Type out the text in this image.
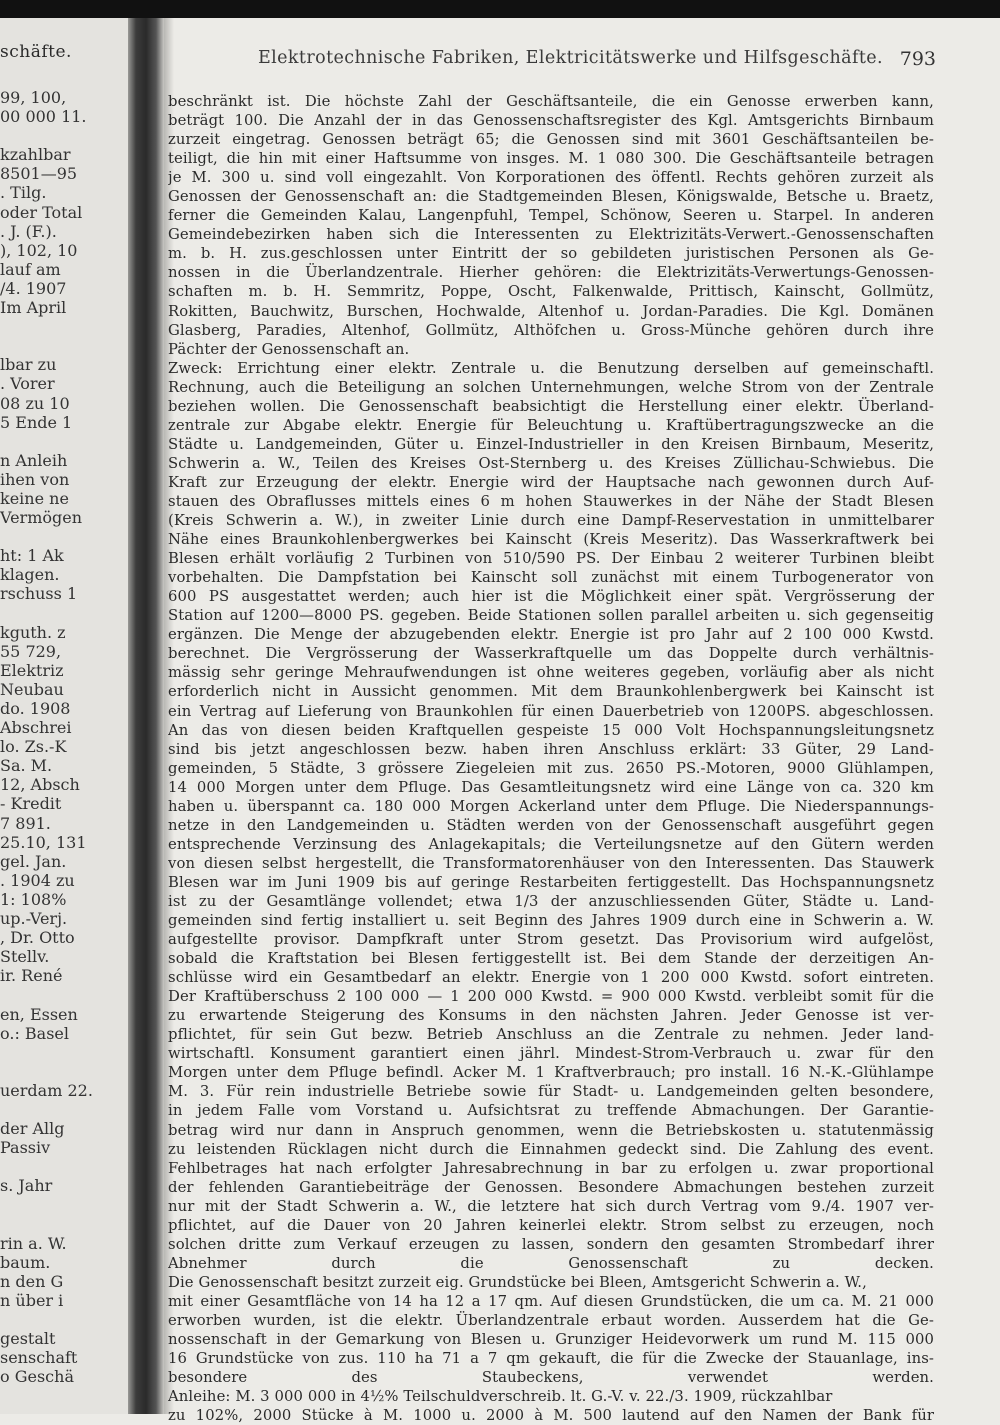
schäfte.
99, 100,
00 000 11.
kzahlbar
8501—95
. Tilg.
oder Total
. J. (F.).
), 102, 10
lauf am
/4. 1907
Im April
lbar zu
. Vorer
08 zu 10
5 Ende 1
n Anleih
ihen von
keine ne
Vermögen
ht: 1 Ak
klagen.
rschuss 1
kguth. z
55 729,
Elektriz
Neubau
do. 1908
Abschrei
lo. Zs.-K
Sa. M.
12, Absch
- Kredit
7 891.
25.10, 131
gel. Jan.
. 1904 zu
1: 108%
up.-Verj.
, Dr. Otto
Stellv.
ir. René
en, Essen
o.: Basel
uerdam 22.
der Allg
Passiv
s. Jahr
rin a. W.
baum.
n den G
n über i
gestalt
senschaft
o Geschä
Elektrotechnische Fabriken, Elektricitätswerke und Hilfsgeschäfte. 793
beschränkt ist. Die höchste Zahl der Geschäftsanteile, die ein Genosse erwerben kann,
beträgt 100. Die Anzahl der in das Genossenschaftsregister des Kgl. Amtsgerichts Birnbaum
zurzeit eingetrag. Genossen beträgt 65; die Genossen sind mit 3601 Geschäftsanteilen be-
teiligt, die hin mit einer Haftsumme von insges. M. 1 080 300. Die Geschäftsanteile betragen
je M. 300 u. sind voll eingezahlt. Von Korporationen des öffentl. Rechts gehören zurzeit als
Genossen der Genossenschaft an: die Stadtgemeinden Blesen, Königswalde, Betsche u. Braetz,
ferner die Gemeinden Kalau, Langenpfuhl, Tempel, Schönow, Seeren u. Starpel. In anderen
Gemeindebezirken haben sich die Interessenten zu Elektrizitäts-Verwert.-Genossenschaften
m. b. H. zus.geschlossen unter Eintritt der so gebildeten juristischen Personen als Ge-
nossen in die Überlandzentrale. Hierher gehören: die Elektrizitäts-Verwertungs-Genossen-
schaften m. b. H. Semmritz, Poppe, Oscht, Falkenwalde, Prittisch, Kainscht, Gollmütz,
Rokitten, Bauchwitz, Burschen, Hochwalde, Altenhof u. Jordan-Paradies. Die Kgl. Domänen
Glasberg, Paradies, Altenhof, Gollmütz, Althöfchen u. Gross-Münche gehören durch ihre
Pächter der Genossenschaft an.
Zweck: Errichtung einer elektr. Zentrale u. die Benutzung derselben auf gemeinschaftl.
Rechnung, auch die Beteiligung an solchen Unternehmungen, welche Strom von der Zentrale
beziehen wollen. Die Genossenschaft beabsichtigt die Herstellung einer elektr. Überland-
zentrale zur Abgabe elektr. Energie für Beleuchtung u. Kraftübertragungszwecke an die
Städte u. Landgemeinden, Güter u. Einzel-Industrieller in den Kreisen Birnbaum, Meseritz,
Schwerin a. W., Teilen des Kreises Ost-Sternberg u. des Kreises Züllichau-Schwiebus. Die
Kraft zur Erzeugung der elektr. Energie wird der Hauptsache nach gewonnen durch Auf-
stauen des Obraflusses mittels eines 6 m hohen Stauwerkes in der Nähe der Stadt Blesen
(Kreis Schwerin a. W.), in zweiter Linie durch eine Dampf-Reservestation in unmittelbarer
Nähe eines Braunkohlenbergwerkes bei Kainscht (Kreis Meseritz). Das Wasserkraftwerk bei
Blesen erhält vorläufig 2 Turbinen von 510/590 PS. Der Einbau 2 weiterer Turbinen bleibt
vorbehalten. Die Dampfstation bei Kainscht soll zunächst mit einem Turbogenerator von
600 PS ausgestattet werden; auch hier ist die Möglichkeit einer spät. Vergrösserung der
Station auf 1200—8000 PS. gegeben. Beide Stationen sollen parallel arbeiten u. sich gegenseitig
ergänzen. Die Menge der abzugebenden elektr. Energie ist pro Jahr auf 2 100 000 Kwstd.
berechnet. Die Vergrösserung der Wasserkraftquelle um das Doppelte durch verhältnis-
mässig sehr geringe Mehraufwendungen ist ohne weiteres gegeben, vorläufig aber als nicht
erforderlich nicht in Aussicht genommen. Mit dem Braunkohlenbergwerk bei Kainscht ist
ein Vertrag auf Lieferung von Braunkohlen für einen Dauerbetrieb von 1200PS. abgeschlossen.
An das von diesen beiden Kraftquellen gespeiste 15 000 Volt Hochspannungsleitungsnetz
sind bis jetzt angeschlossen bezw. haben ihren Anschluss erklärt: 33 Güter, 29 Land-
gemeinden, 5 Städte, 3 grössere Ziegeleien mit zus. 2650 PS.-Motoren, 9000 Glühlampen,
14 000 Morgen unter dem Pfluge. Das Gesamtleitungsnetz wird eine Länge von ca. 320 km
haben u. überspannt ca. 180 000 Morgen Ackerland unter dem Pfluge. Die Niederspannungs-
netze in den Landgemeinden u. Städten werden von der Genossenschaft ausgeführt gegen
entsprechende Verzinsung des Anlagekapitals; die Verteilungsnetze auf den Gütern werden
von diesen selbst hergestellt, die Transformatorenhäuser von den Interessenten. Das Stauwerk
Blesen war im Juni 1909 bis auf geringe Restarbeiten fertiggestellt. Das Hochspannungsnetz
ist zu der Gesamtlänge vollendet; etwa 1/3 der anzuschliessenden Güter, Städte u. Land-
gemeinden sind fertig installiert u. seit Beginn des Jahres 1909 durch eine in Schwerin a. W.
aufgestellte provisor. Dampfkraft unter Strom gesetzt. Das Provisorium wird aufgelöst,
sobald die Kraftstation bei Blesen fertiggestellt ist. Bei dem Stande der derzeitigen An-
schlüsse wird ein Gesamtbedarf an elektr. Energie von 1 200 000 Kwstd. sofort eintreten.
Der Kraftüberschuss 2 100 000 — 1 200 000 Kwstd. = 900 000 Kwstd. verbleibt somit für die
zu erwartende Steigerung des Konsums in den nächsten Jahren. Jeder Genosse ist ver-
pflichtet, für sein Gut bezw. Betrieb Anschluss an die Zentrale zu nehmen. Jeder land-
wirtschaftl. Konsument garantiert einen jährl. Mindest-Strom-Verbrauch u. zwar für den
Morgen unter dem Pfluge befindl. Acker M. 1 Kraftverbrauch; pro install. 16 N.-K.-Glühlampe
M. 3. Für rein industrielle Betriebe sowie für Stadt- u. Landgemeinden gelten besondere,
in jedem Falle vom Vorstand u. Aufsichtsrat zu treffende Abmachungen. Der Garantie-
betrag wird nur dann in Anspruch genommen, wenn die Betriebskosten u. statutenmässig
zu leistenden Rücklagen nicht durch die Einnahmen gedeckt sind. Die Zahlung des event.
Fehlbetrages hat nach erfolgter Jahresabrechnung in bar zu erfolgen u. zwar proportional
der fehlenden Garantiebeiträge der Genossen. Besondere Abmachungen bestehen zurzeit
nur mit der Stadt Schwerin a. W., die letztere hat sich durch Vertrag vom 9./4. 1907 ver-
pflichtet, auf die Dauer von 20 Jahren keinerlei elektr. Strom selbst zu erzeugen, noch
solchen dritte zum Verkauf erzeugen zu lassen, sondern den gesamten Strombedarf ihrer
Abnehmer durch die Genossenschaft zu decken.
Die Genossenschaft besitzt zurzeit eig. Grundstücke bei Bleen, Amtsgericht Schwerin a. W.,
mit einer Gesamtfläche von 14 ha 12 a 17 qm. Auf diesen Grundstücken, die um ca. M. 21 000
erworben wurden, ist die elektr. Überlandzentrale erbaut worden. Ausserdem hat die Ge-
nossenschaft in der Gemarkung von Blesen u. Grunziger Heidevorwerk um rund M. 115 000
16 Grundstücke von zus. 110 ha 71 a 7 qm gekauft, die für die Zwecke der Stauanlage, ins-
besondere des Staubeckens, verwendet werden.
Anleihe: M. 3 000 000 in 4½% Teilschuldverschreib. lt. G.-V. v. 22./3. 1909, rückzahlbar
zu 102%, 2000 Stücke à M. 1000 u. 2000 à M. 500 lautend auf den Namen der Bank für
